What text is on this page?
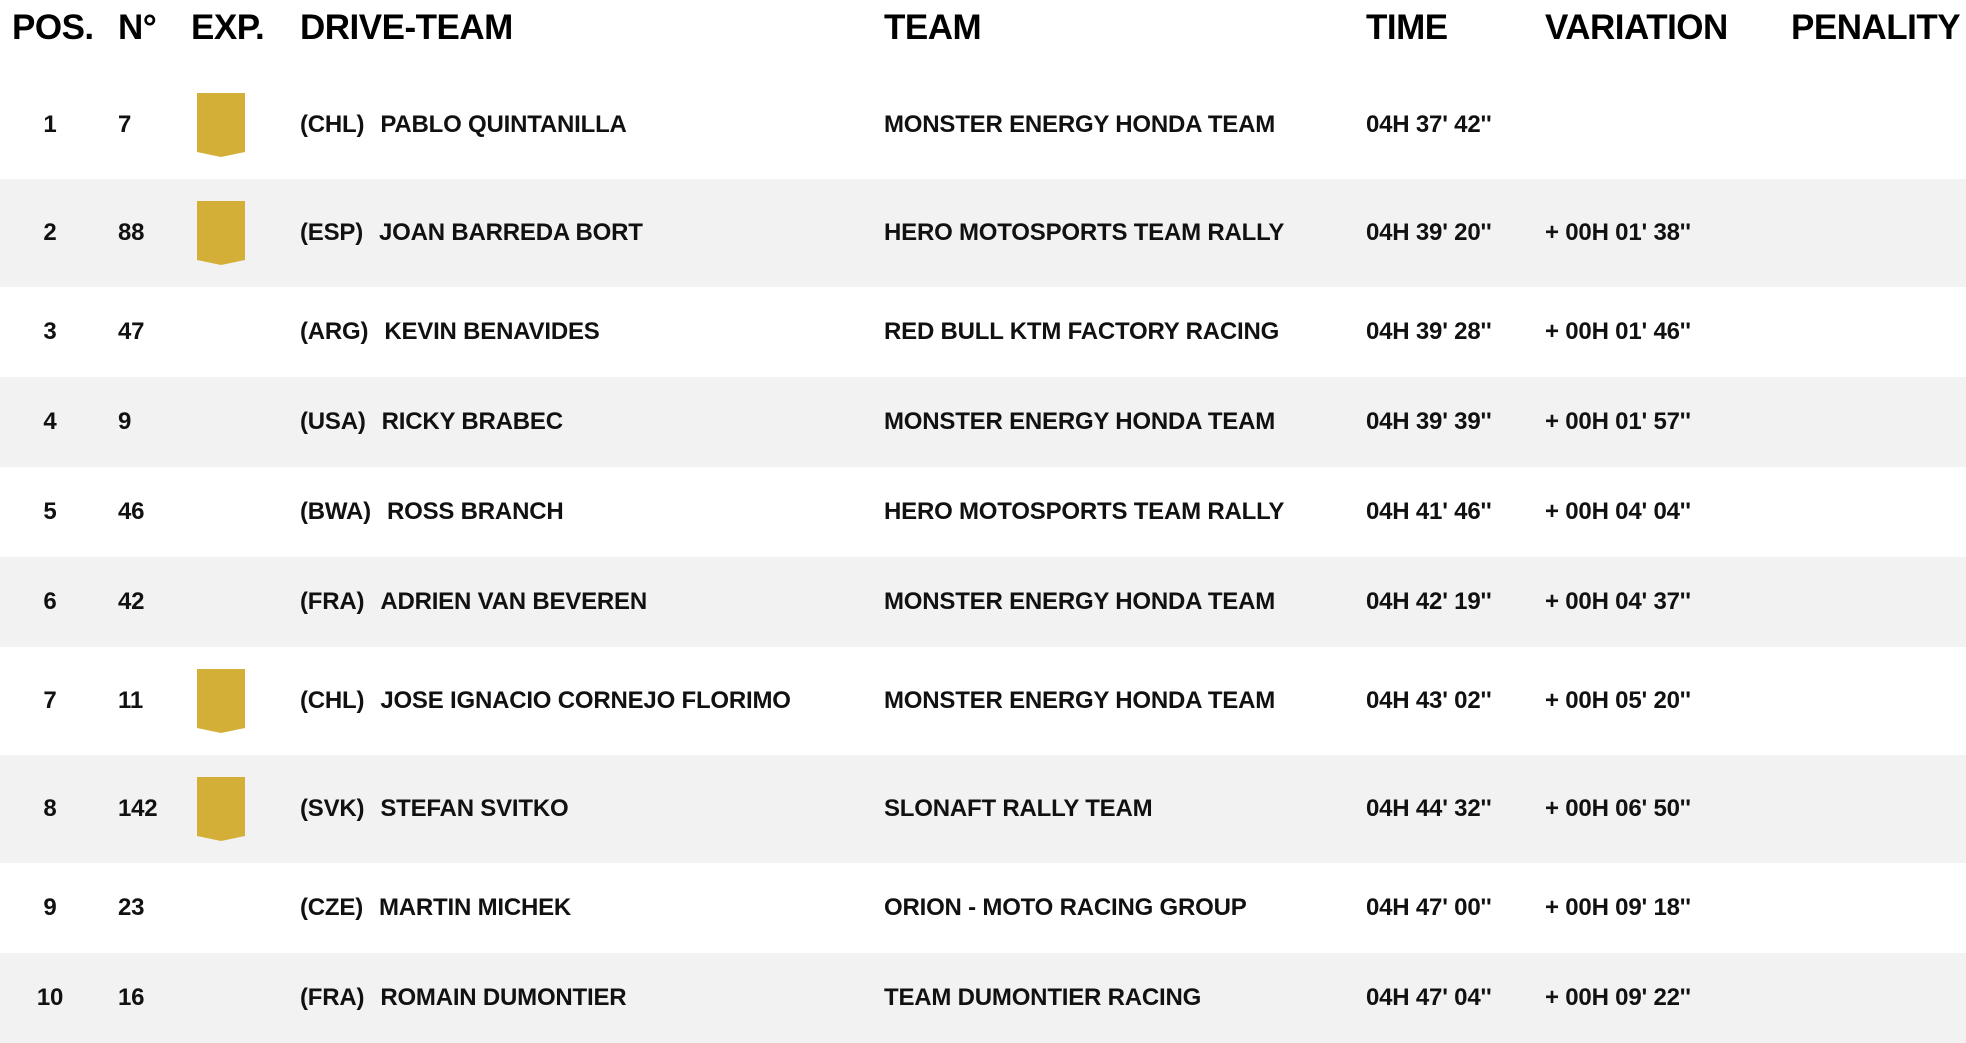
POS. N° EXP. DRIVE-TEAM	TEAM	TIME	VARIATION PENALITY
1	7	(CHL) PABLO QUINTANILLA	MONSTER ENERGY HONDA TEAM	04H 37' 42''
2	88	(ESP) JOAN BARREDA BORT	HERO MOTOSPORTS TEAM RALLY	04H 39' 20'' + 00H 01' 38''
3	47	(ARG) KEVIN BENAVIDES	RED BULL KTM FACTORY RACING	04H 39' 28'' + 00H 01' 46''
4	9	(USA) RICKY BRABEC	MONSTER ENERGY HONDA TEAM	04H 39' 39'' + 00H 01' 57''
5	46	(BWA) ROSS BRANCH	HERO MOTOSPORTS TEAM RALLY	04H 41' 46'' + 00H 04' 04''
6	42	(FRA) ADRIEN VAN BEVEREN	MONSTER ENERGY HONDA TEAM	04H 42' 19'' + 00H 04' 37''
7	11	(CHL) JOSE IGNACIO CORNEJO FLORIMO	MONSTER ENERGY HONDA TEAM	04H 43' 02'' + 00H 05' 20''
8	142	(SVK) STEFAN SVITKO	SLONAFT RALLY TEAM	04H 44' 32'' + 00H 06' 50''
9	23	(CZE) MARTIN MICHEK	ORION - MOTO RACING GROUP	04H 47' 00'' + 00H 09' 18''
10	16	(FRA) ROMAIN DUMONTIER	TEAM DUMONTIER RACING	04H 47' 04'' + 00H 09' 22''
